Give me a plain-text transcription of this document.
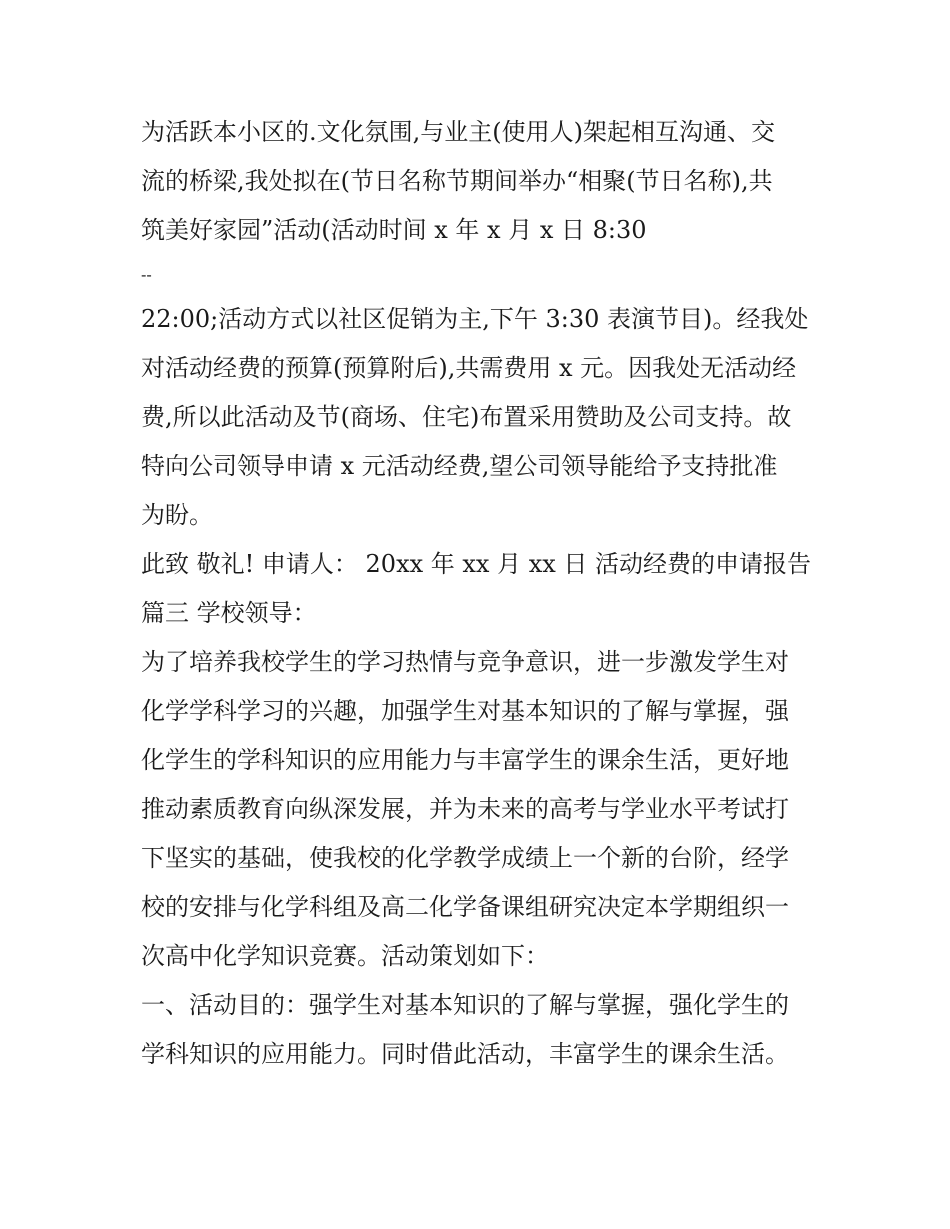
为活跃本小区的.文化氛围,与业主(使用人)架起相互沟通、交
流的桥梁,我处拟在(节日名称节期间举办“相聚(节日名称),共
筑美好家园”活动(活动时间 x 年 x 月 x 日 8:30
--
22:00;活动方式以社区促销为主,下午 3:30 表演节目)。经我处
对活动经费的预算(预算附后),共需费用 x 元。因我处无活动经
费,所以此活动及节(商场、住宅)布置采用赞助及公司支持。故
特向公司领导申请 x 元活动经费,望公司领导能给予支持批准
为盼。
此致 敬礼! 申请人： 20xx 年 xx 月 xx 日 活动经费的申请报告
篇三 学校领导：
为了培养我校学生的学习热情与竞争意识，进一步激发学生对
化学学科学习的兴趣，加强学生对基本知识的了解与掌握，强
化学生的学科知识的应用能力与丰富学生的课余生活，更好地
推动素质教育向纵深发展，并为未来的高考与学业水平考试打
下坚实的基础，使我校的化学教学成绩上一个新的台阶，经学
校的安排与化学科组及高二化学备课组研究决定本学期组织一
次高中化学知识竞赛。活动策划如下：
一、活动目的：强学生对基本知识的了解与掌握，强化学生的
学科知识的应用能力。同时借此活动，丰富学生的课余生活。
